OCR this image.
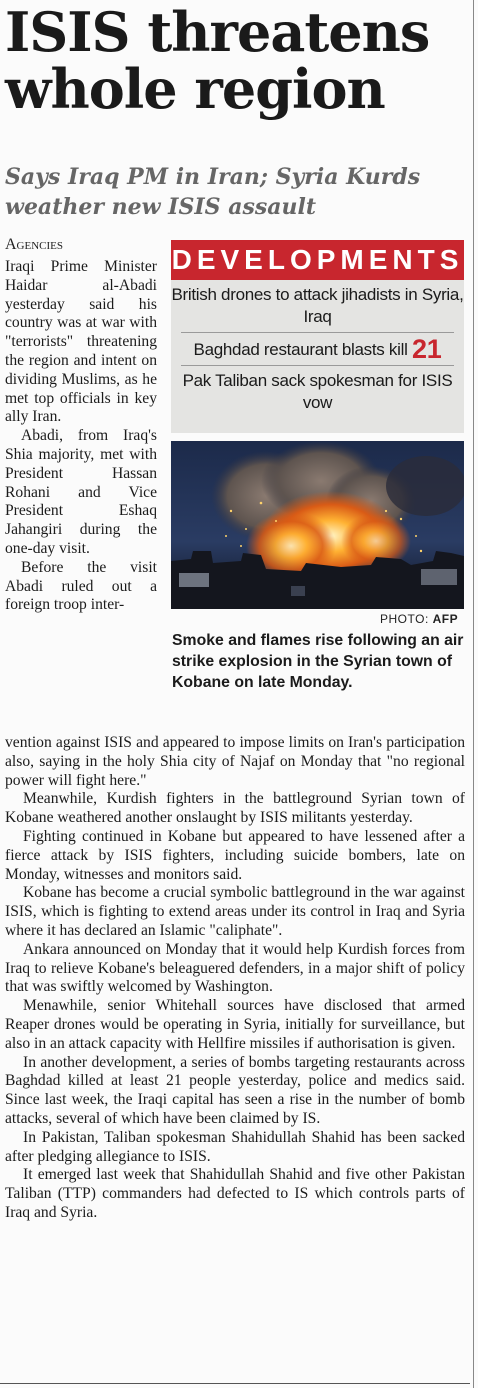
ISIS threatens whole region
Says Iraq PM in Iran; Syria Kurds weather new ISIS assault
Agencies

Iraqi Prime Minister Haidar al-Abadi yesterday said his country was at war with "terrorists" threatening the region and intent on dividing Muslims, as he met top officials in key ally Iran.

Abadi, from Iraq's Shia majority, met with President Hassan Rohani and Vice President Eshaq Jahangiri during the one-day visit.

Before the visit Abadi ruled out a foreign troop inter-

DEVELOPMENTS
British drones to attack jihadists in Syria, Iraq
Baghdad restaurant blasts kill 21
Pak Taliban sack spokesman for ISIS vow
PHOTO: AFP

Smoke and flames rise following an air strike explosion in the Syrian town of Kobane on late Monday.

vention against ISIS and appeared to impose limits on Iran's participation also, saying in the holy Shia city of Najaf on Monday that "no regional power will fight here."

Meanwhile, Kurdish fighters in the battleground Syrian town of Kobane weathered another onslaught by ISIS militants yesterday.

Fighting continued in Kobane but appeared to have lessened after a fierce attack by ISIS fighters, including suicide bombers, late on Monday, witnesses and monitors said.

Kobane has become a crucial symbolic battleground in the war against ISIS, which is fighting to extend areas under its control in Iraq and Syria where it has declared an Islamic "caliphate".

Ankara announced on Monday that it would help Kurdish forces from Iraq to relieve Kobane's beleaguered defenders, in a major shift of policy that was swiftly welcomed by Washington.

Menawhile, senior Whitehall sources have disclosed that armed Reaper drones would be operating in Syria, initially for surveillance, but also in an attack capacity with Hellfire missiles if authorisation is given.

In another development, a series of bombs targeting restaurants across Baghdad killed at least 21 people yesterday, police and medics said. Since last week, the Iraqi capital has seen a rise in the number of bomb attacks, several of which have been claimed by IS.

In Pakistan, Taliban spokesman Shahidullah Shahid has been sacked after pledging allegiance to ISIS.

It emerged last week that Shahidullah Shahid and five other Pakistan Taliban (TTP) commanders had defected to IS which controls parts of Iraq and Syria.
